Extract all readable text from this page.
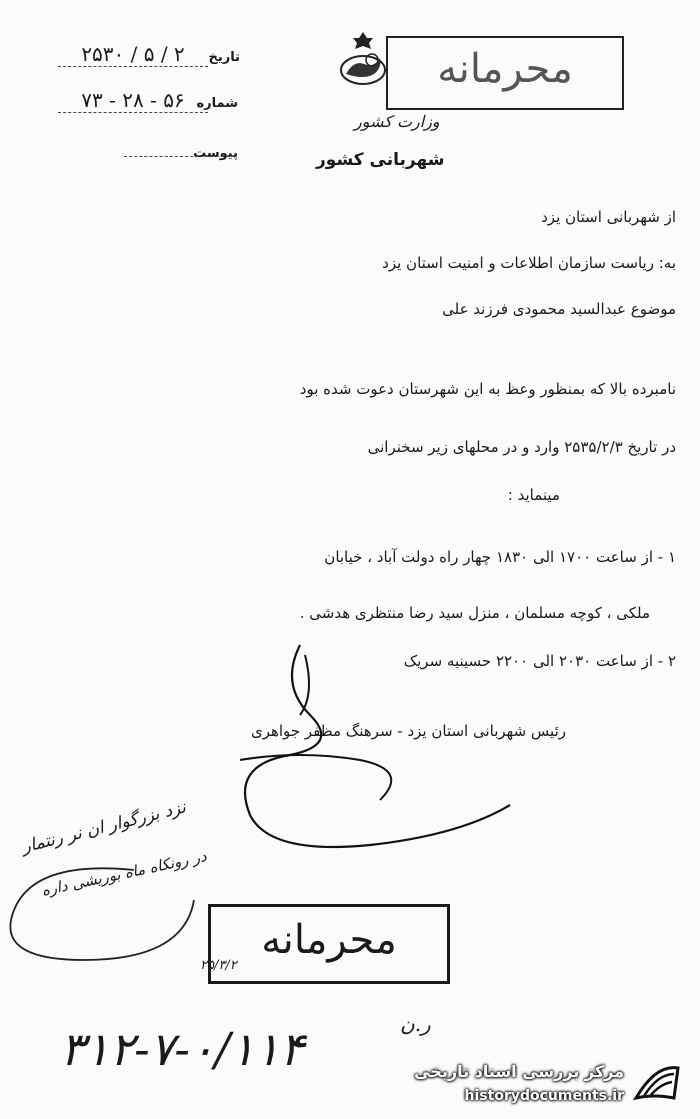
محرمانه
تاریخ
۲۵۳۰ / ۵ / ۲
شماره
۷۳ - ۲۸ - ۵۶
پیوست
وزارت کشور
شهربانی کشور
از شهربانی استان یزد
به: ریاست سازمان اطلاعات و امنیت استان یزد
موضوع عبدالسید محمودی فرزند علی
نامبرده بالا که بمنظور وعظ به این شهرستان دعوت شده بود
در تاریخ ۲۵۳۵/۲/۳ وارد و در محلهای زیر سخنرانی
مینماید :
۱ - از ساعت ۱۷۰۰ الی ۱۸۳۰ چهار راه دولت آباد ، خیابان
ملکی ، کوچه مسلمان ، منزل سید رضا منتظری هدشی .
۲ - از ساعت ۲۰۳۰ الی ۲۲۰۰ حسینیه سریک
رئیس شهربانی استان یزد - سرهنگ مظفر جواهری
نزد بزرگوار ان نر رنتمار
در رونکاه ماه بوریشی داره
محرمانه
۲۵/۳/۲
ر.ن
۳۱۲-۷-۰/۱۱۴	مرکز بررسی اسناد تاریخی
historydocuments.ir
